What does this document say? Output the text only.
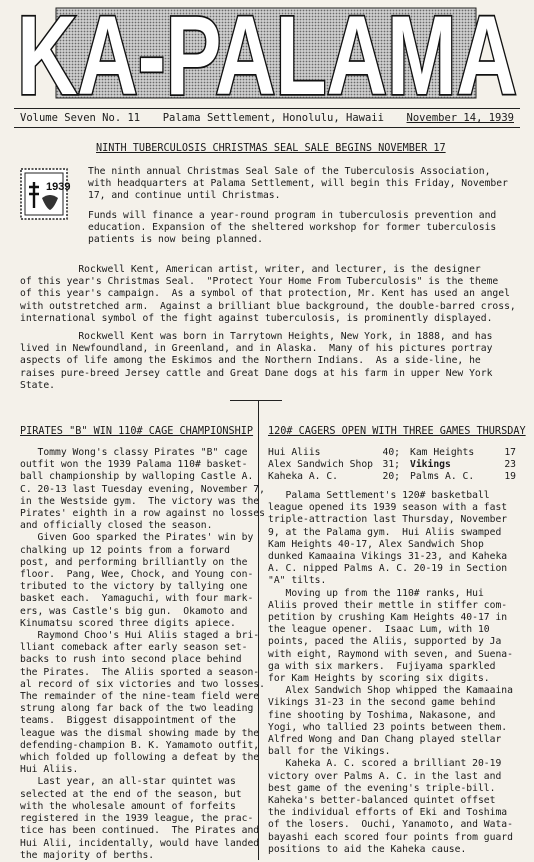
KA-PALAMA
Volume Seven No. 11 Palama Settlement, Honolulu, Hawaii November 14, 1939
NINTH TUBERCULOSIS CHRISTMAS SEAL SALE BEGINS NOVEMBER 17
1939
The ninth annual Christmas Seal Sale of the Tuberculosis Association,
with headquarters at Palama Settlement, will begin this Friday, November
17, and continue until Christmas.
Funds will finance a year-round program in tuberculosis prevention and
education. Expansion of the sheltered workshop for former tuberculosis
patients is now being planned.
Rockwell Kent, American artist, writer, and lecturer, is the designer
of this year's Christmas Seal.  "Protect Your Home From Tuberculosis" is the theme
of this year's campaign.  As a symbol of that protection, Mr. Kent has used an angel
with outstretched arm.  Against a brilliant blue background, the double-barred cross,
international symbol of the fight against tuberculosis, is prominently displayed.
Rockwell Kent was born in Tarrytown Heights, New York, in 1888, and has
lived in Newfoundland, in Greenland, and in Alaska.  Many of his pictures portray
aspects of life among the Eskimos and the Northern Indians.  As a side-line, he
raises pure-breed Jersey cattle and Great Dane dogs at his farm in upper New York
State.
PIRATES "B" WIN 110# CAGE CHAMPIONSHIP
Tommy Wong's classy Pirates "B" cage
outfit won the 1939 Palama 110# basket-
ball championship by walloping Castle A.
C. 20-13 last Tuesday evening, November 7,
in the Westside gym.  The victory was the
Pirates' eighth in a row against no losses
and officially closed the season.
Given Goo sparked the Pirates' win by
chalking up 12 points from a forward
post, and performing brilliantly on the
floor.  Pang, Wee, Chock, and Young con-
tributed to the victory by tallying one
basket each.  Yamaguchi, with four mark-
ers, was Castle's big gun.  Okamoto and
Kinumatsu scored three digits apiece.
Raymond Choo's Hui Aliis staged a bri-
lliant comeback after early season set-
backs to rush into second place behind
the Pirates.  The Aliis sported a season-
al record of six victories and two losses.
The remainder of the nine-team field were
strung along far back of the two leading
teams.  Biggest disappointment of the
league was the dismal showing made by the
defending-champion B. K. Yamamoto outfit,
which folded up following a defeat by the
Hui Aliis.
Last year, an all-star quintet was
selected at the end of the season, but
with the wholesale amount of forfeits
registered in the 1939 league, the prac-
tice has been continued.  The Pirates and
Hui Alii, incidentally, would have landed
the majority of berths.
120# CAGERS OPEN WITH THREE GAMES THURSDAY
Hui Aliis	40;		Kam Heights	17
Alex Sandwich Shop	31;		Vikings	23
Kaheka A. C.	20;		Palms A. C.	19
Palama Settlement's 120# basketball
league opened its 1939 season with a fast
triple-attraction last Thursday, November
9, at the Palama gym.  Hui Aliis swamped
Kam Heights 40-17, Alex Sandwich Shop
dunked Kamaaina Vikings 31-23, and Kaheka
A. C. nipped Palms A. C. 20-19 in Section
"A" tilts.
Moving up from the 110# ranks, Hui
Aliis proved their mettle in stiffer com-
petition by crushing Kam Heights 40-17 in
the league opener.  Isaac Lum, with 10
points, paced the Aliis, supported by Ja
with eight, Raymond with seven, and Suena-
ga with six markers.  Fujiyama sparkled
for Kam Heights by scoring six digits.
Alex Sandwich Shop whipped the Kamaaina
Vikings 31-23 in the second game behind
fine shooting by Toshima, Nakasone, and
Yogi, who tallied 23 points between them.
Alfred Wong and Dan Chang played stellar
ball for the Vikings.
Kaheka A. C. scored a brilliant 20-19
victory over Palms A. C. in the last and
best game of the evening's triple-bill.
Kaheka's better-balanced quintet offset
the individual efforts of Eki and Toshima
of the losers.  Ouchi, Yanamoto, and Wata-
bayashi each scored four points from guard
positions to aid the Kaheka cause.
